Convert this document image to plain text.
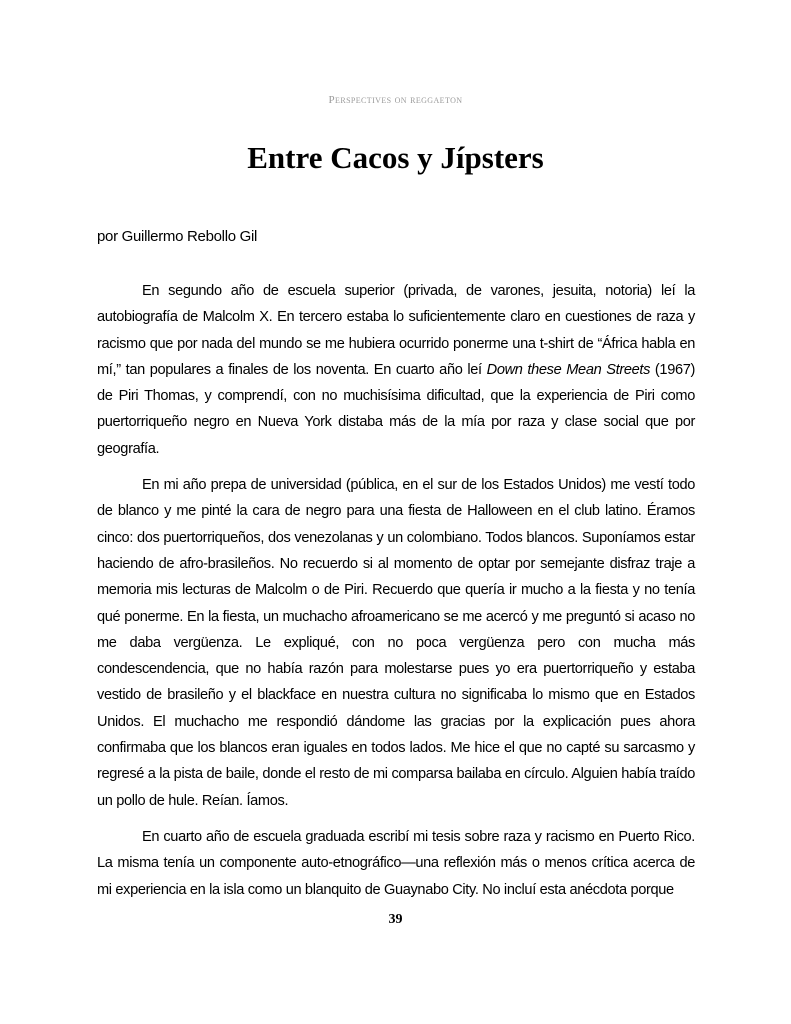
Perspectives on reggaeton
Entre Cacos y Jípsters
por Guillermo Rebollo Gil

En segundo año de escuela superior (privada, de varones, jesuita, notoria) leí la autobiografía de Malcolm X. En tercero estaba lo suficientemente claro en cuestiones de raza y racismo que por nada del mundo se me hubiera ocurrido ponerme una t-shirt de “África habla en mí,” tan populares a finales de los noventa. En cuarto año leí Down these Mean Streets (1967) de Piri Thomas, y comprendí, con no muchisísima dificultad, que la experiencia de Piri como puertorriqueño negro en Nueva York distaba más de la mía por raza y clase social que por geografía.

En mi año prepa de universidad (pública, en el sur de los Estados Unidos) me vestí todo de blanco y me pinté la cara de negro para una fiesta de Halloween en el club latino. Éramos cinco: dos puertorriqueños, dos venezolanas y un colombiano. Todos blancos. Suponíamos estar haciendo de afro-brasileños. No recuerdo si al momento de optar por semejante disfraz traje a memoria mis lecturas de Malcolm o de Piri. Recuerdo que quería ir mucho a la fiesta y no tenía qué ponerme. En la fiesta, un muchacho afroamericano se me acercó y me preguntó si acaso no me daba vergüenza. Le expliqué, con no poca vergüenza pero con mucha más condescendencia, que no había razón para molestarse pues yo era puertorriqueño y estaba vestido de brasileño y el blackface en nuestra cultura no significaba lo mismo que en Estados Unidos. El muchacho me respondió dándome las gracias por la explicación pues ahora confirmaba que los blancos eran iguales en todos lados. Me hice el que no capté su sarcasmo y regresé a la pista de baile, donde el resto de mi comparsa bailaba en círculo. Alguien había traído un pollo de hule. Reían. Íamos.

En cuarto año de escuela graduada escribí mi tesis sobre raza y racismo en Puerto Rico. La misma tenía un componente auto-etnográfico—una reflexión más o menos crítica acerca de mi experiencia en la isla como un blanquito de Guaynabo City. No incluí esta anécdota porque

39
